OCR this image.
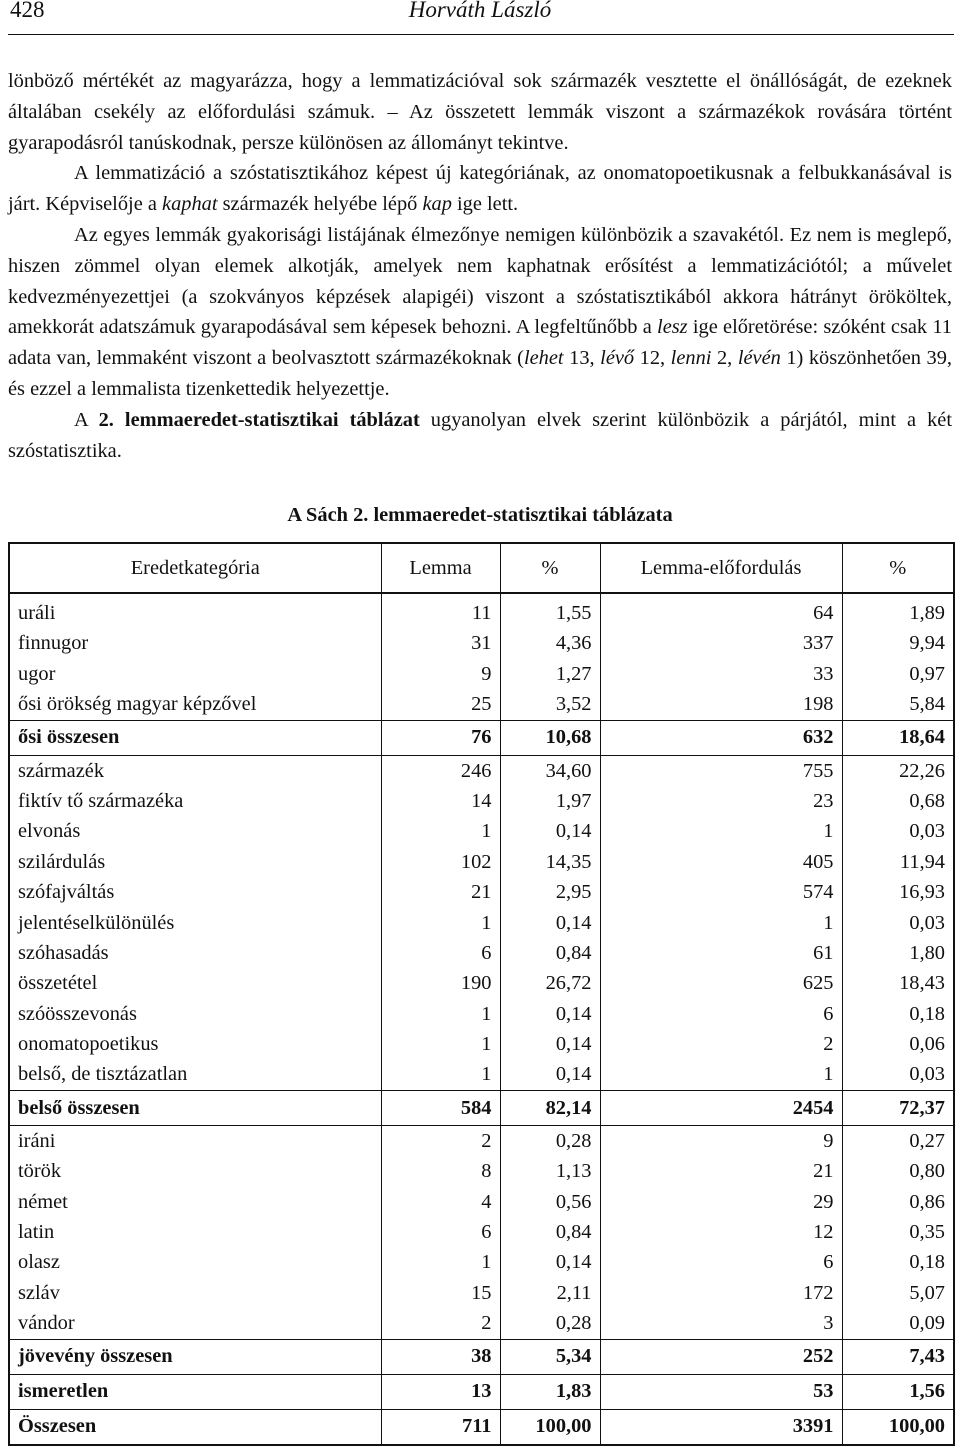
428	Horváth László

lönböző mértékét az magyarázza, hogy a lemmatizációval sok származék vesztette el önállóságát, de ezeknek általában csekély az előfordulási számuk. – Az összetett lemmák viszont a származékok rovására történt gyarapodásról tanúskodnak, persze különösen az állományt tekintve.

A lemmatizáció a szóstatisztikához képest új kategóriának, az onomatopoetikusnak a felbukkanásával is járt. Képviselője a kaphat származék helyébe lépő kap ige lett.

Az egyes lemmák gyakorisági listájának élmezőnye nemigen különbözik a szavakétól. Ez nem is meglepő, hiszen zömmel olyan elemek alkotják, amelyek nem kaphatnak erősítést a lemmatizációtól; a művelet kedvezményezettjei (a szokványos képzések alapigéi) viszont a szóstatisztikából akkora hátrányt örököltek, amekkorát adatszámuk gyarapodásával sem képesek behozni. A legfeltűnőbb a lesz ige előretörése: szóként csak 11 adata van, lemmaként viszont a beolvasztott származékoknak (lehet 13, lévő 12, lenni 2, lévén 1) köszönhetően 39, és ezzel a lemmalista tizenkettedik helyezettje.

A 2. lemmaeredet-statisztikai táblázat ugyanolyan elvek szerint különbözik a párjától, mint a két szóstatisztika.

A Sách 2. lemmaeredet-statisztikai táblázata
Eredetkategória	Lemma	%	Lemma-előfordulás	%
uráli	11	1,55	64	1,89
finnugor	31	4,36	337	9,94
ugor	9	1,27	33	0,97
ősi örökség magyar képzővel	25	3,52	198	5,84
ősi összesen	76	10,68	632	18,64
származék	246	34,60	755	22,26
fiktív tő származéka	14	1,97	23	0,68
elvonás	1	0,14	1	0,03
szilárdulás	102	14,35	405	11,94
szófajváltás	21	2,95	574	16,93
jelentéselkülönülés	1	0,14	1	0,03
szóhasadás	6	0,84	61	1,80
összetétel	190	26,72	625	18,43
szóösszevonás	1	0,14	6	0,18
onomatopoetikus	1	0,14	2	0,06
belső, de tisztázatlan	1	0,14	1	0,03
belső összesen	584	82,14	2454	72,37
iráni	2	0,28	9	0,27
török	8	1,13	21	0,80
német	4	0,56	29	0,86
latin	6	0,84	12	0,35
olasz	1	0,14	6	0,18
szláv	15	2,11	172	5,07
vándor	2	0,28	3	0,09
jövevény összesen	38	5,34	252	7,43
ismeretlen	13	1,83	53	1,56
Összesen	711	100,00	3391	100,00
